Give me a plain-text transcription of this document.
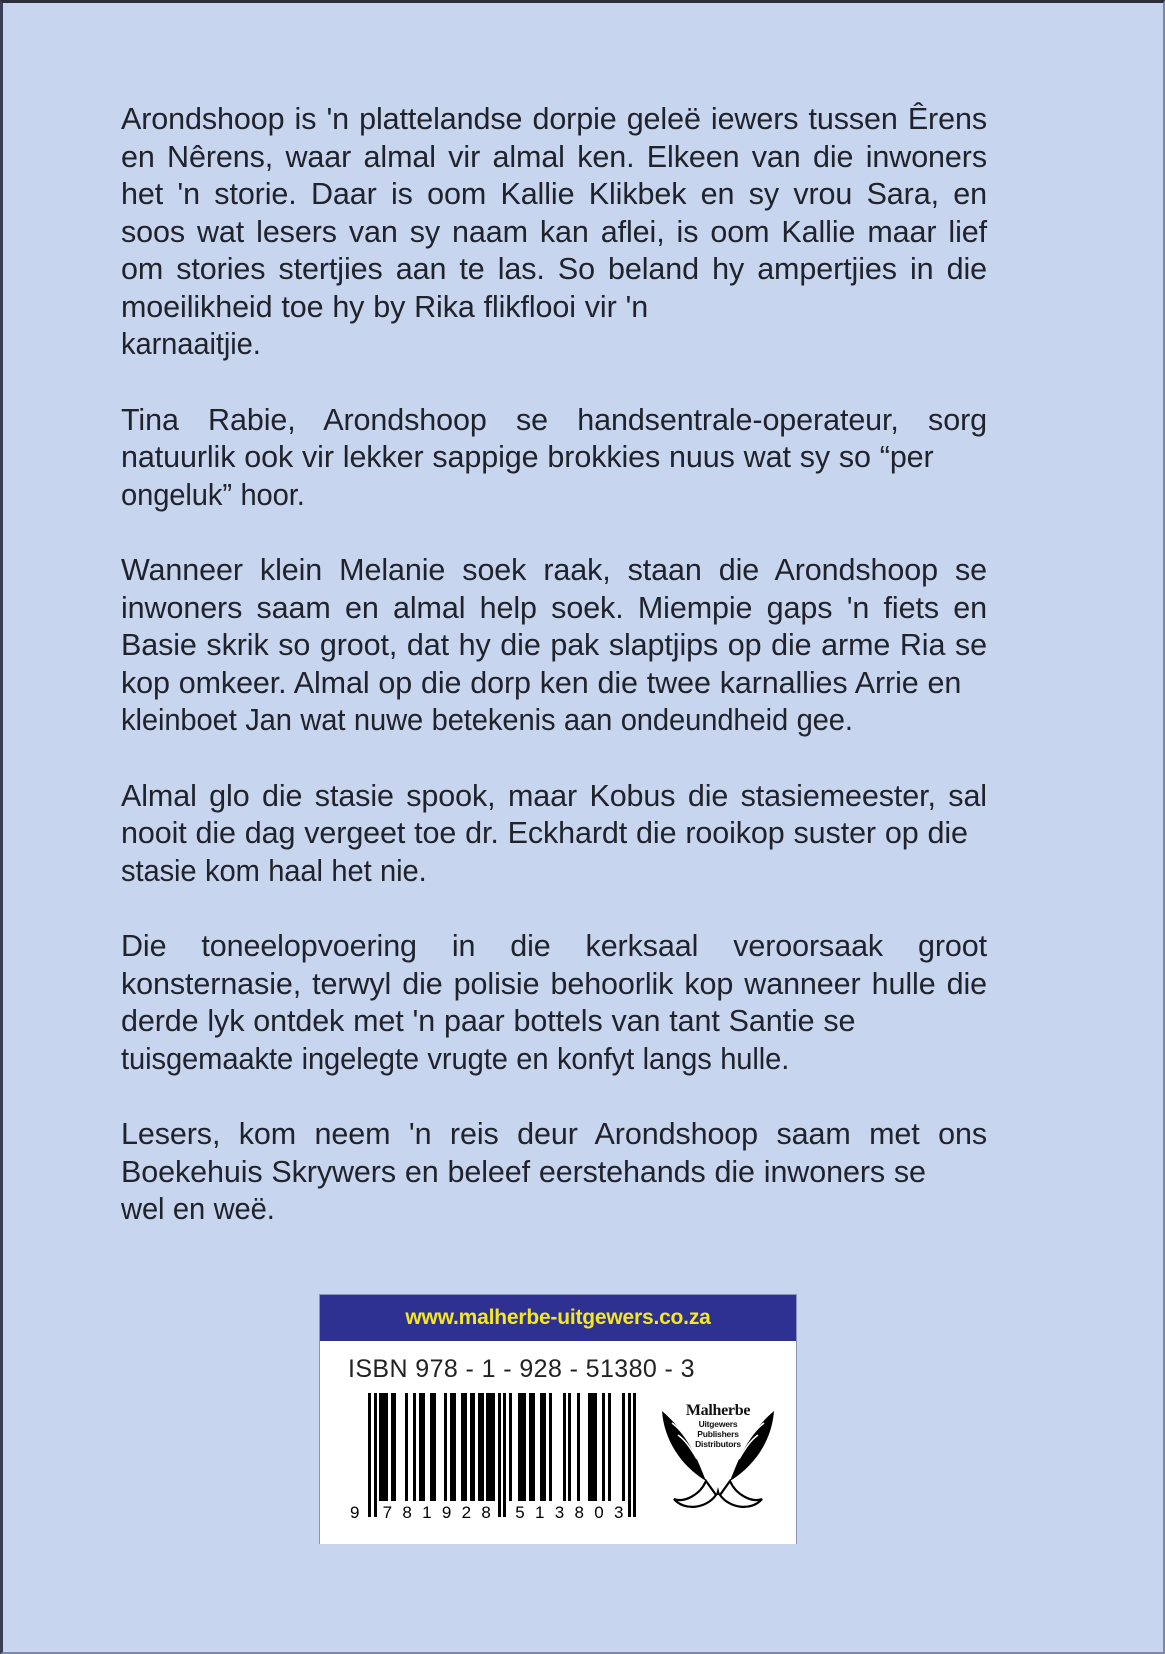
Arondshoop is 'n plattelandse dorpie geleë iewers tussen Êrens en Nêrens, waar almal vir almal ken. Elkeen van die inwoners het 'n storie. Daar is oom Kallie Klikbek en sy vrou Sara, en soos wat lesers van sy naam kan aflei, is oom Kallie maar lief om stories stertjies aan te las. So beland hy ampertjies in die moeilikheid toe hy by Rika flikflooi vir 'n
karnaaitjie.

Tina Rabie, Arondshoop se handsentrale-operateur, sorg natuurlik ook vir lekker sappige brokkies nuus wat sy so “per
ongeluk” hoor.

Wanneer klein Melanie soek raak, staan die Arondshoop se inwoners saam en almal help soek. Miempie gaps 'n fiets en Basie skrik so groot, dat hy die pak slaptjips op die arme Ria se kop omkeer. Almal op die dorp ken die twee karnallies Arrie en
kleinboet Jan wat nuwe betekenis aan ondeundheid gee.

Almal glo die stasie spook, maar Kobus die stasiemeester, sal nooit die dag vergeet toe dr. Eckhardt die rooikop suster op die
stasie kom haal het nie.

Die toneelopvoering in die kerksaal veroorsaak groot konsternasie, terwyl die polisie behoorlik kop wanneer hulle die derde lyk ontdek met 'n paar bottels van tant Santie se
tuisgemaakte ingelegte vrugte en konfyt langs hulle.

Lesers, kom neem 'n reis deur Arondshoop saam met ons Boekehuis Skrywers en beleef eerstehands die inwoners se
wel en weë.

www.malherbe-uitgewers.co.za
ISBN 978 - 1 - 928 - 51380 - 3
9 7 8 1 9 2 8 5 1 3 8 0 3
Malherbe
Uitgewers
Publishers
Distributors
